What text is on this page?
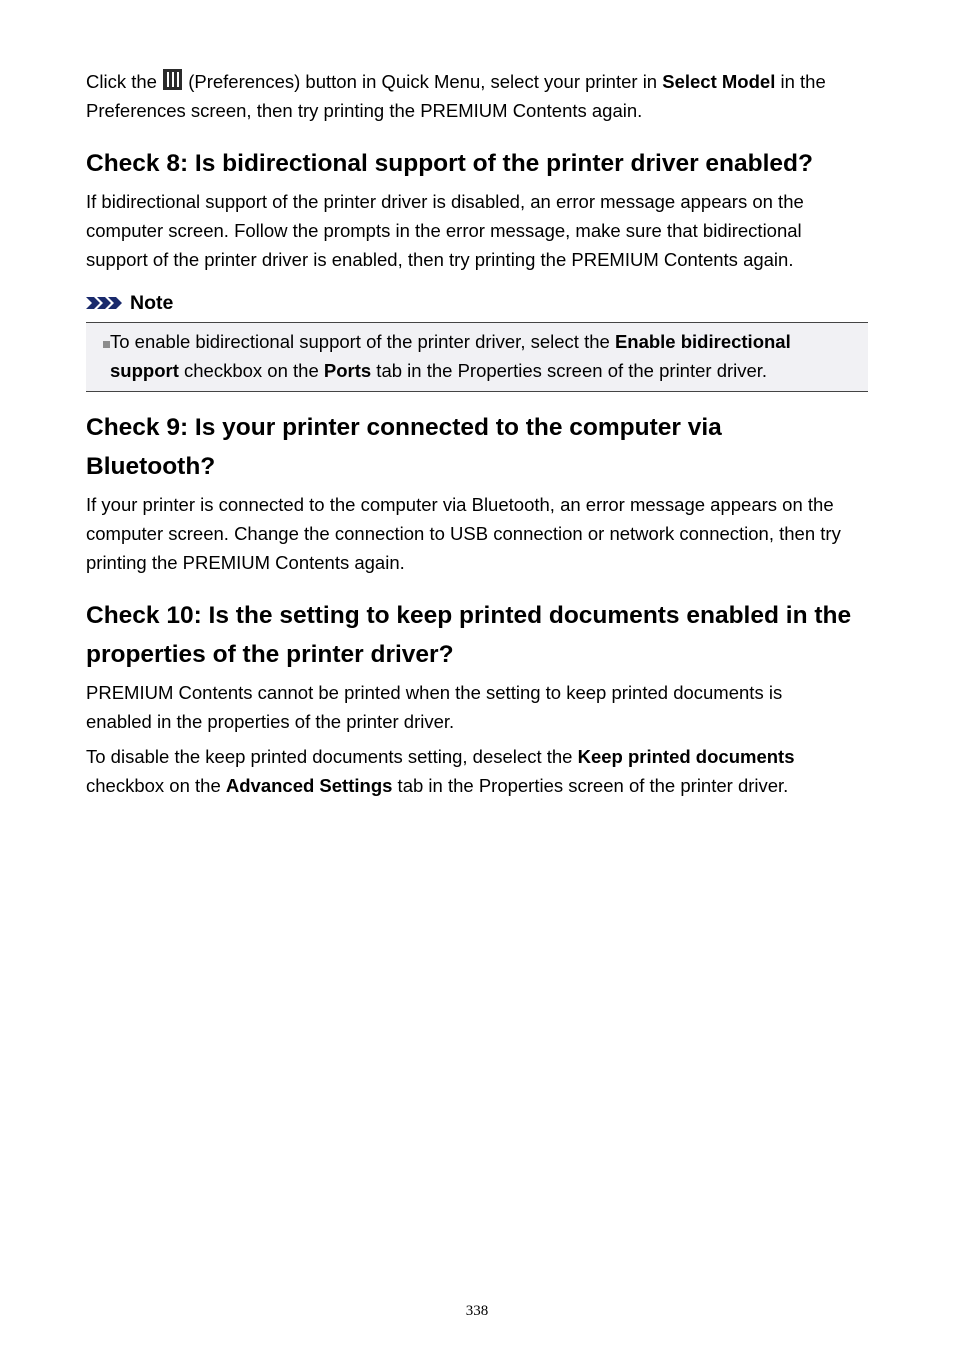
Click the
(Preferences) button in Quick Menu, select your printer in Select Model in the Preferences screen, then try printing the PREMIUM Contents again.

Check 8: Is bidirectional support of the printer driver enabled?

If bidirectional support of the printer driver is disabled, an error message appears on the computer screen. Follow the prompts in the error message, make sure that bidirectional support of the printer driver is enabled, then try printing the PREMIUM Contents again.

Note

To enable bidirectional support of the printer driver, select the Enable bidirectional support checkbox on the Ports tab in the Properties screen of the printer driver.

Check 9: Is your printer connected to the computer via Bluetooth?

If your printer is connected to the computer via Bluetooth, an error message appears on the computer screen. Change the connection to USB connection or network connection, then try printing the PREMIUM Contents again.

Check 10: Is the setting to keep printed documents enabled in the properties of the printer driver?

PREMIUM Contents cannot be printed when the setting to keep printed documents is enabled in the properties of the printer driver.

To disable the keep printed documents setting, deselect the Keep printed documents checkbox on the Advanced Settings tab in the Properties screen of the printer driver.

338
